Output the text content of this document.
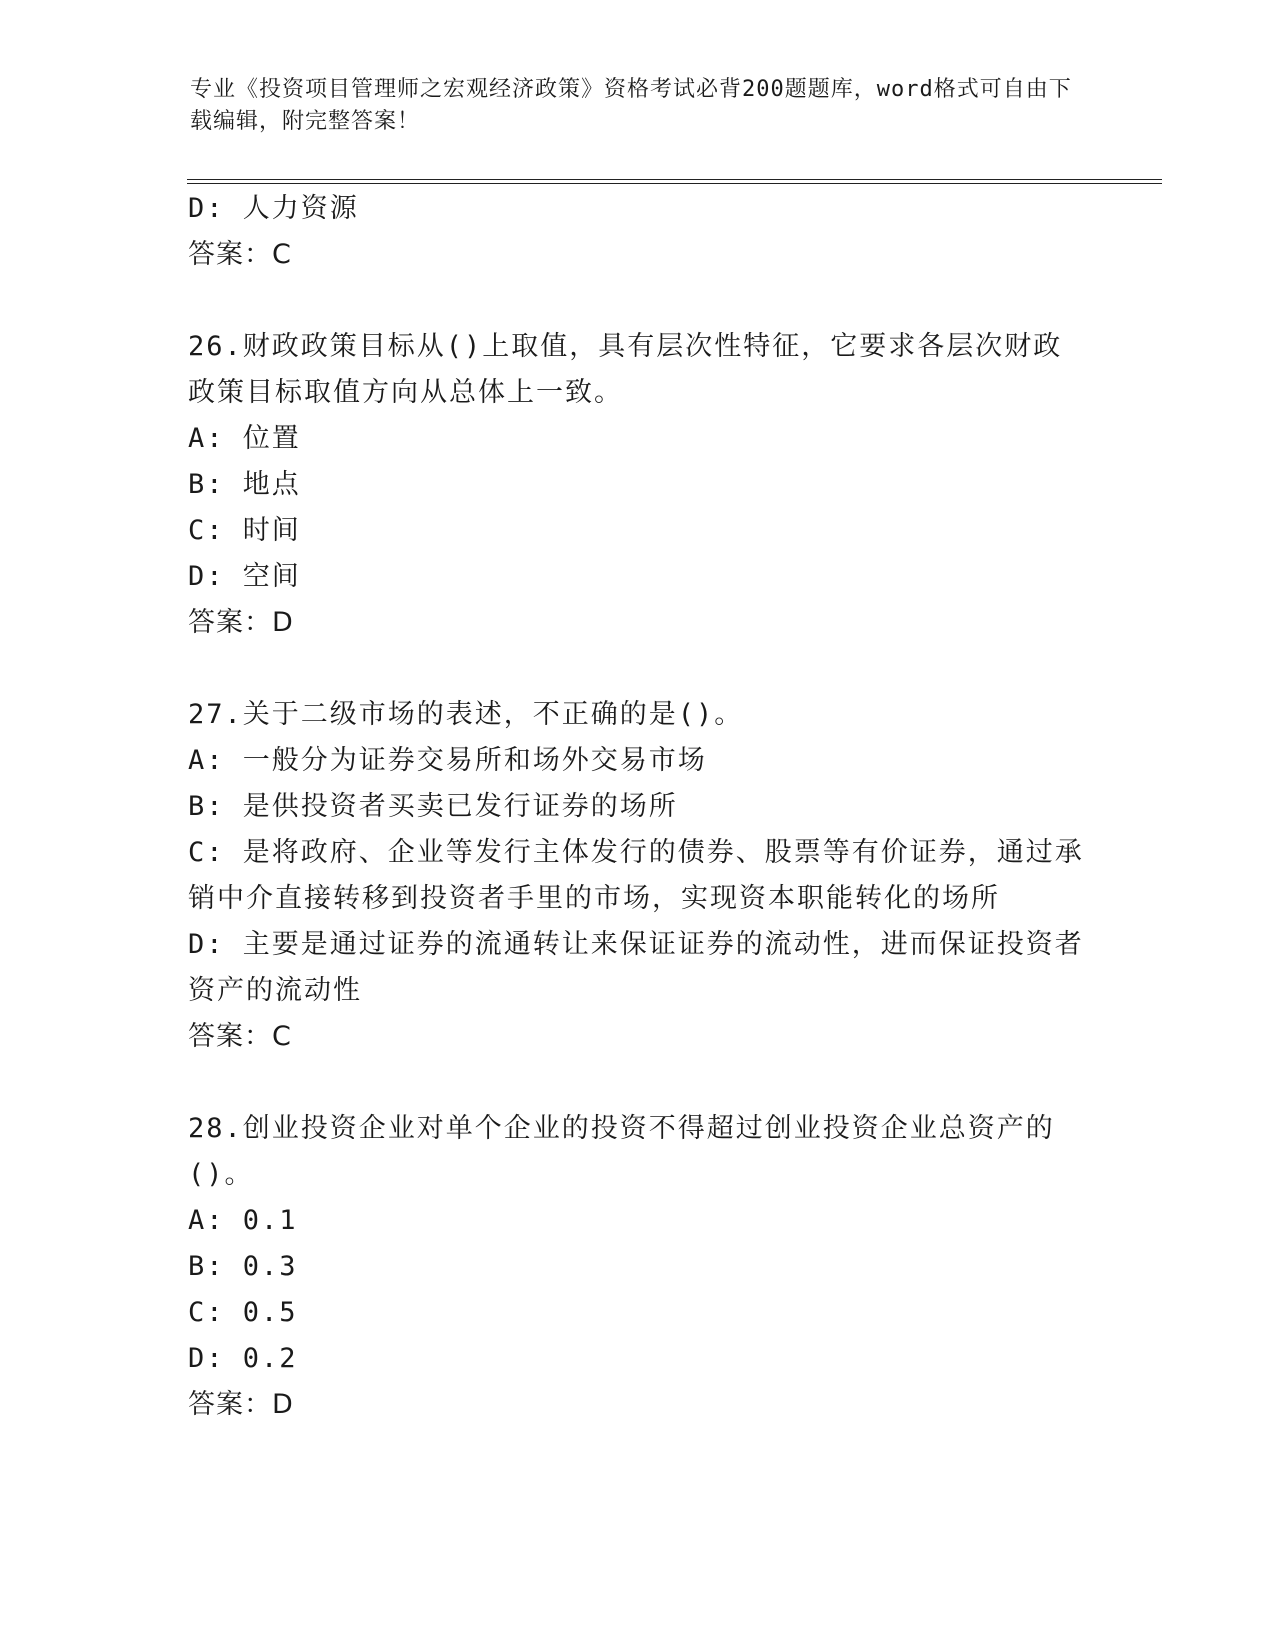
专业《投资项目管理师之宏观经济政策》资格考试必背200题题库，word格式可自由下载编辑，附完整答案！

D: 人力资源

答案：C

26.财政政策目标从()上取值，具有层次性特征，它要求各层次财政政策目标取值方向从总体上一致。

A: 位置

B: 地点

C: 时间

D: 空间

答案：D

27.关于二级市场的表述，不正确的是()。

A: 一般分为证券交易所和场外交易市场

B: 是供投资者买卖已发行证券的场所

C: 是将政府、企业等发行主体发行的债券、股票等有价证券，通过承销中介直接转移到投资者手里的市场，实现资本职能转化的场所

D: 主要是通过证券的流通转让来保证证券的流动性，进而保证投资者资产的流动性

答案：C

28.创业投资企业对单个企业的投资不得超过创业投资企业总资产的()。

A: 0.1

B: 0.3

C: 0.5

D: 0.2

答案：D
